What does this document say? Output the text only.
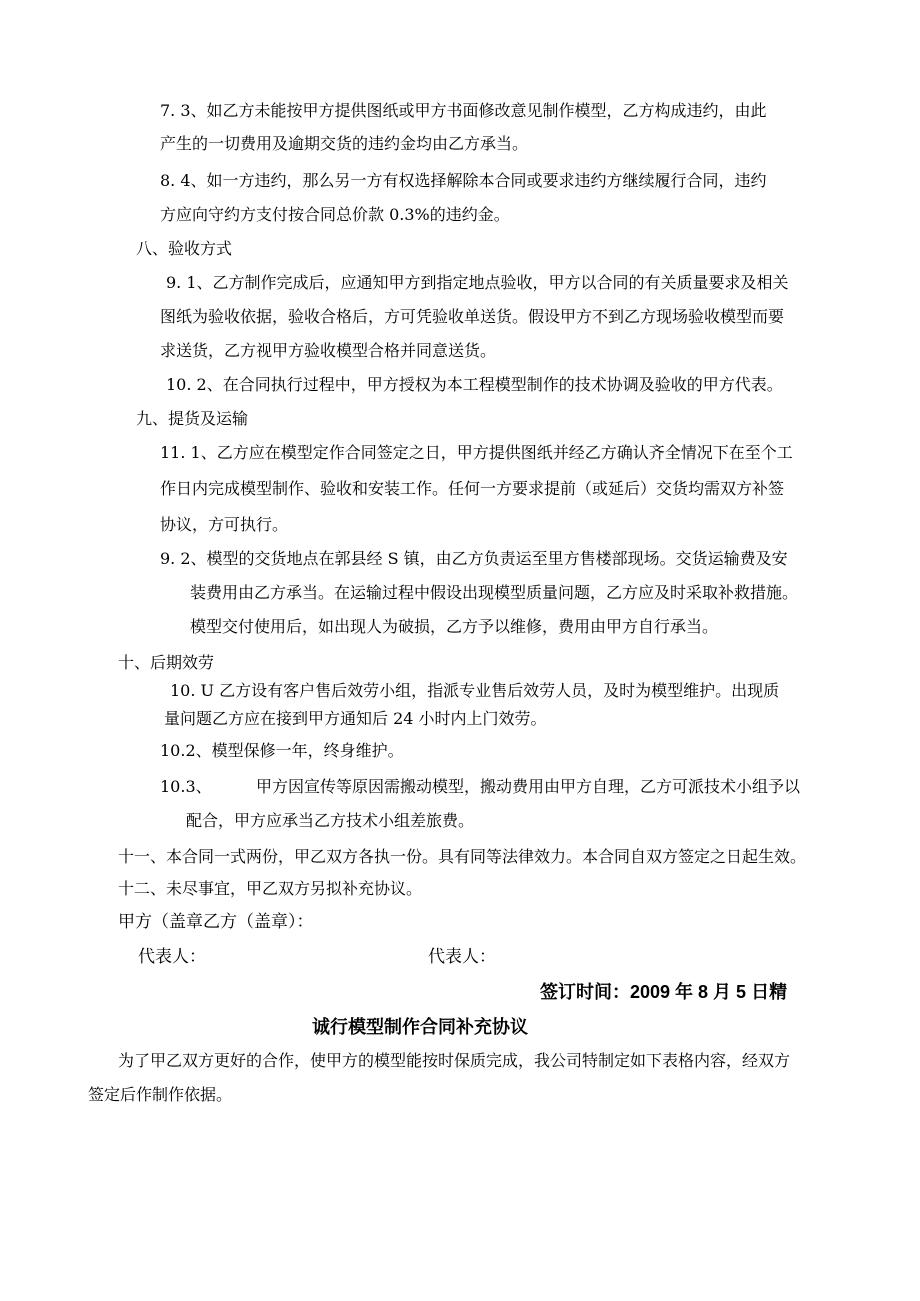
7. 3、如乙方未能按甲方提供图纸或甲方书面修改意见制作模型，乙方构成违约，由此
产生的一切费用及逾期交货的违约金均由乙方承当。
8. 4、如一方违约，那么另一方有权选择解除本合同或要求违约方继续履行合同，违约
方应向守约方支付按合同总价款 0.3%的违约金。
八、验收方式
9. 1、乙方制作完成后，应通知甲方到指定地点验收，甲方以合同的有关质量要求及相关
图纸为验收依据，验收合格后，方可凭验收单送货。假设甲方不到乙方现场验收模型而要
求送货，乙方视甲方验收模型合格并同意送货。
10. 2、在合同执行过程中，甲方授权为本工程模型制作的技术协调及验收的甲方代表。
九、提货及运输
11. 1、乙方应在模型定作合同签定之日，甲方提供图纸并经乙方确认齐全情况下在至个工
作日内完成模型制作、验收和安装工作。任何一方要求提前（或延后）交货均需双方补签
协议，方可执行。
9. 2、模型的交货地点在郭县经 S 镇，由乙方负责运至里方售楼部现场。交货运输费及安
装费用由乙方承当。在运输过程中假设出现模型质量问题，乙方应及时采取补救措施。
模型交付使用后，如出现人为破损，乙方予以维修，费用由甲方自行承当。
十、后期效劳
10. U 乙方设有客户售后效劳小组，指派专业售后效劳人员，及时为模型维护。出现质
量问题乙方应在接到甲方通知后 24 小时内上门效劳。
10.2、模型保修一年，终身维护。
10.3、	甲方因宣传等原因需搬动模型，搬动费用由甲方自理，乙方可派技术小组予以
配合，甲方应承当乙方技术小组差旅费。
十一、本合同一式两份，甲乙双方各执一份。具有同等法律效力。本合同自双方签定之日起生效。
十二、未尽事宜，甲乙双方另拟补充协议。
甲方（盖章乙方（盖章）：
代表人：	代表人：
签订时间：2009 年 8 月 5 日精
诚行模型制作合同补充协议
为了甲乙双方更好的合作，使甲方的模型能按时保质完成，我公司特制定如下表格内容，经双方
签定后作制作依据。
